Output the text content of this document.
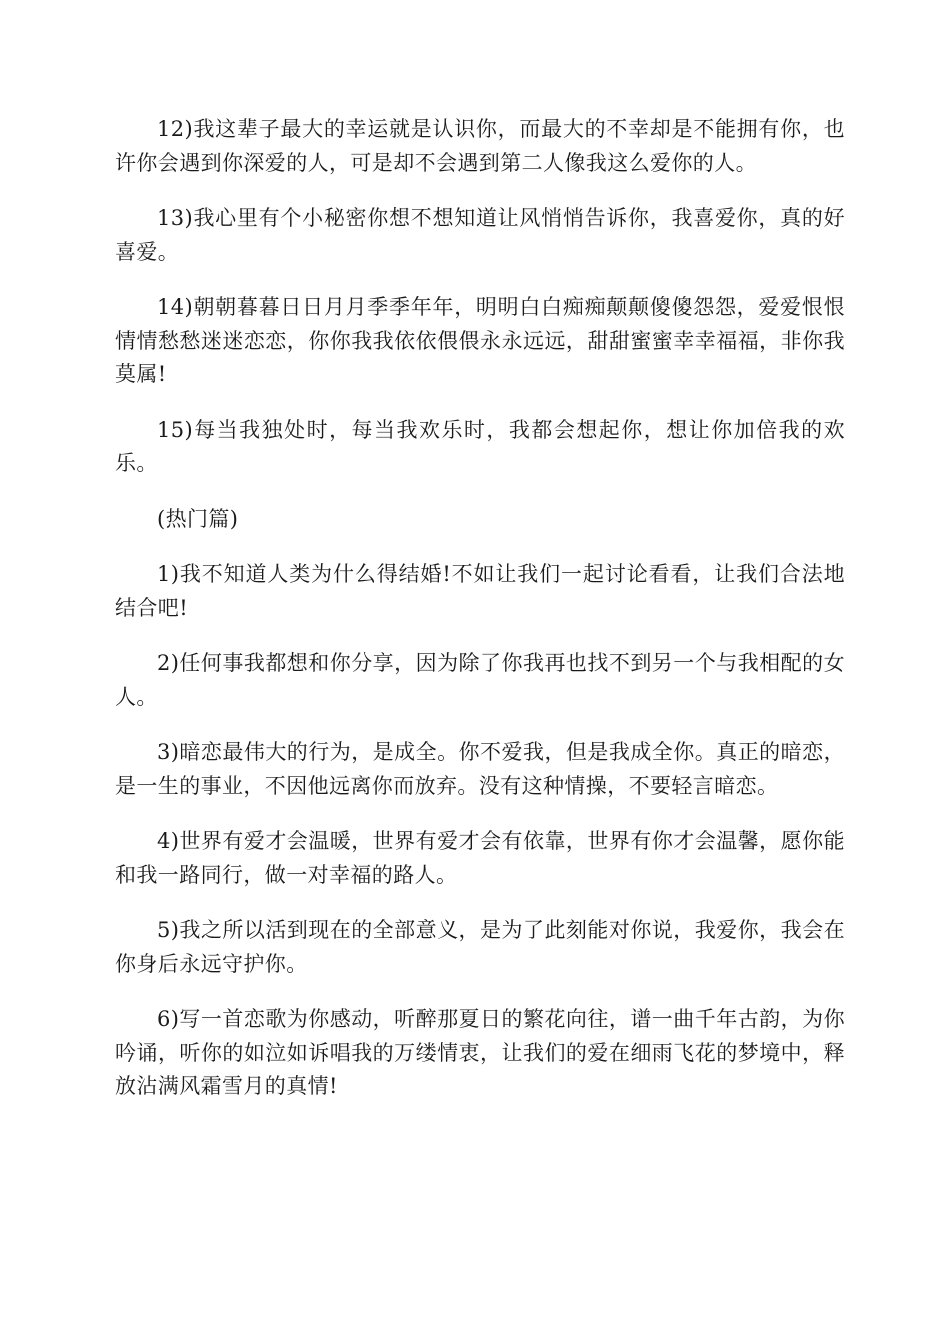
12)我这辈子最大的幸运就是认识你，而最大的不幸却是不能拥有你，也许你会遇到你深爱的人，可是却不会遇到第二人像我这么爱你的人。

13)我心里有个小秘密你想不想知道让风悄悄告诉你，我喜爱你，真的好喜爱。

14)朝朝暮暮日日月月季季年年，明明白白痴痴颠颠傻傻怨怨，爱爱恨恨情情愁愁迷迷恋恋，你你我我依依偎偎永永远远，甜甜蜜蜜幸幸福福，非你我莫属!

15)每当我独处时，每当我欢乐时，我都会想起你，想让你加倍我的欢乐。

(热门篇)

1)我不知道人类为什么得结婚!不如让我们一起讨论看看，让我们合法地结合吧!

2)任何事我都想和你分享，因为除了你我再也找不到另一个与我相配的女人。

3)暗恋最伟大的行为，是成全。你不爱我，但是我成全你。真正的暗恋，是一生的事业，不因他远离你而放弃。没有这种情操，不要轻言暗恋。

4)世界有爱才会温暖，世界有爱才会有依靠，世界有你才会温馨，愿你能和我一路同行，做一对幸福的路人。

5)我之所以活到现在的全部意义，是为了此刻能对你说，我爱你，我会在你身后永远守护你。

6)写一首恋歌为你感动，听醉那夏日的繁花向往，谱一曲千年古韵，为你吟诵，听你的如泣如诉唱我的万缕情衷，让我们的爱在细雨飞花的梦境中，释放沾满风霜雪月的真情!
